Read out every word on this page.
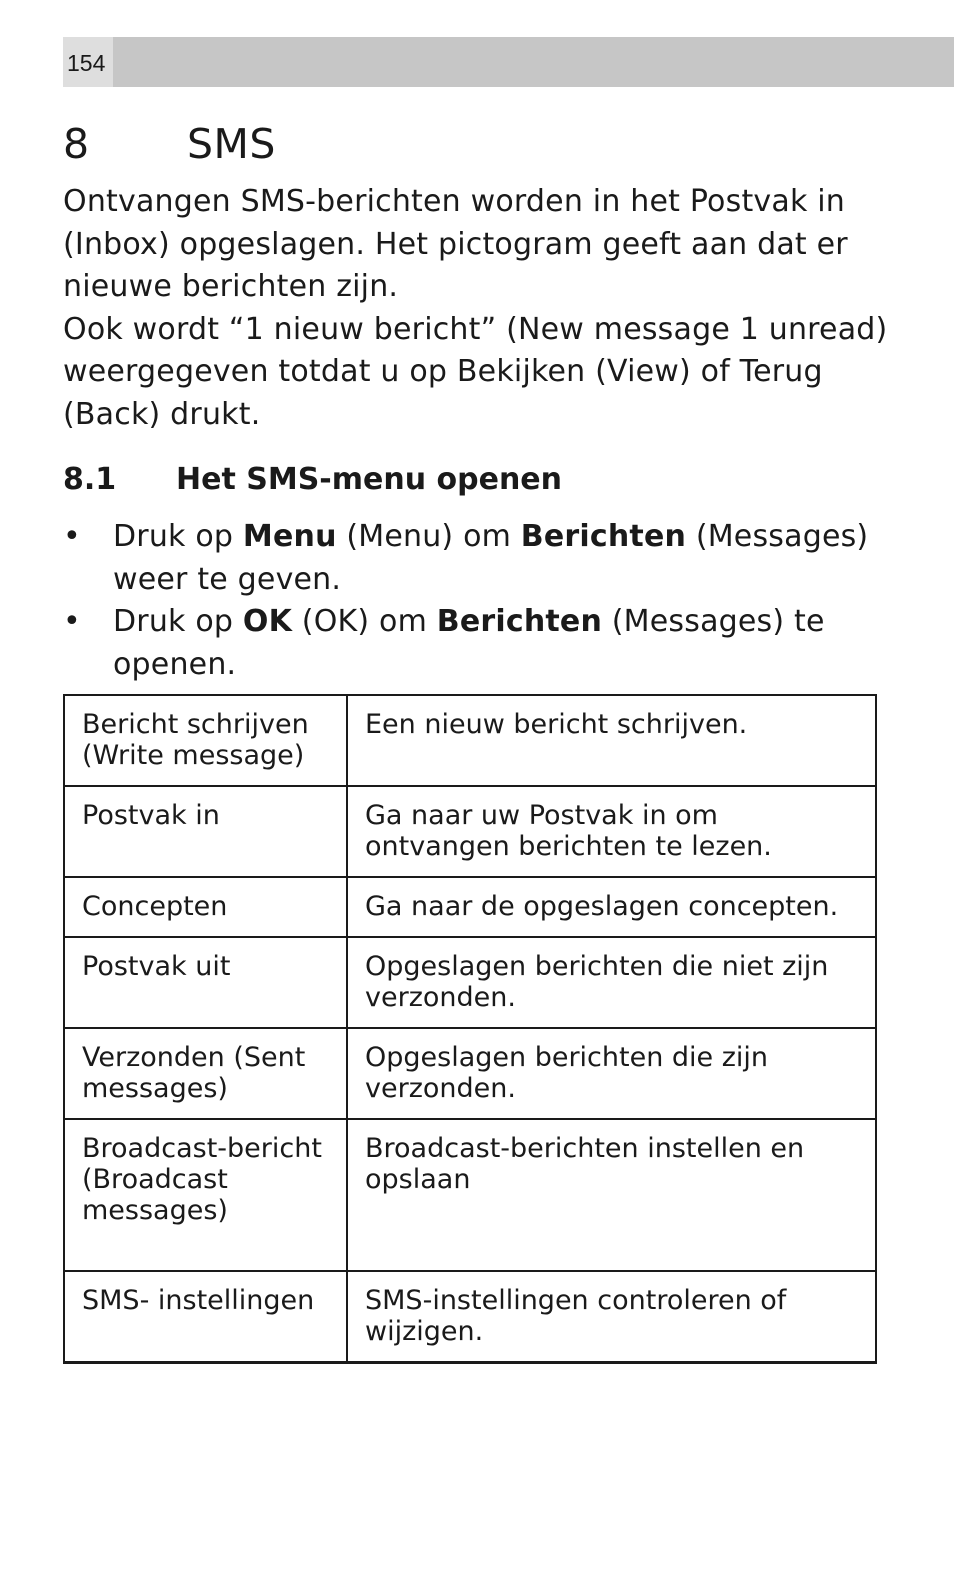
154
8 SMS

Ontvangen SMS-berichten worden in het Postvak in (Inbox) opgeslagen. Het pictogram geeft aan dat er nieuwe berichten zijn.

Ook wordt “1 nieuw bericht” (New message 1 unread) weergegeven totdat u op Bekijken (View) of Terug (Back) drukt.

8.1 Het SMS-menu openen
• Druk op Menu (Menu) om Berichten (Messages) weer te geven.
• Druk op OK (OK) om Berichten (Messages) te openen.
Bericht schrijven (Write message)	Een nieuw bericht schrijven.
Postvak in	Ga naar uw Postvak in om ontvangen berichten te lezen.
Concepten	Ga naar de opgeslagen concepten.
Postvak uit	Opgeslagen berichten die niet zijn verzonden.
Verzonden (Sent messages)	Opgeslagen berichten die zijn verzonden.
Broadcast-bericht (Broadcast messages)	Broadcast-berichten instellen en opslaan
SMS- instellingen	SMS-instellingen controleren of wijzigen.
